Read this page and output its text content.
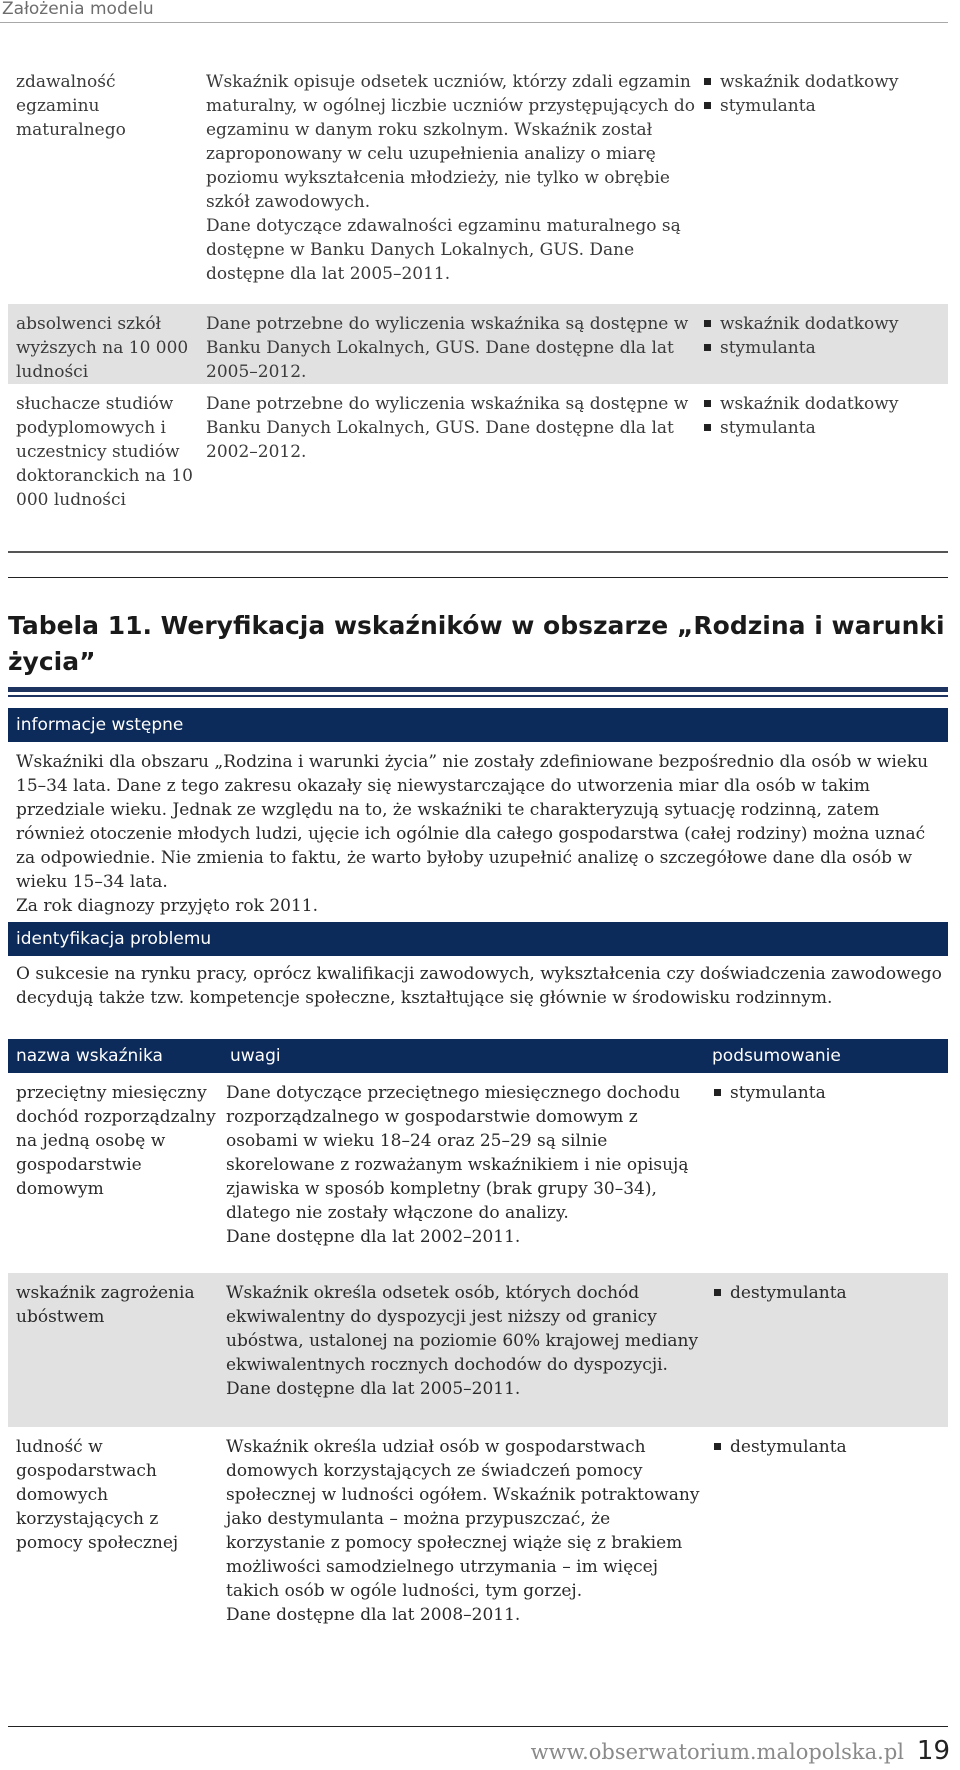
Założenia modelu
zdawalność egzaminu maturalnego
Wskaźnik opisuje odsetek uczniów, którzy zdali egzamin maturalny, w ogólnej liczbie uczniów przystępujących do egzaminu w danym roku szkolnym. Wskaźnik został zaproponowany w celu uzupełnienia analizy o miarę poziomu wykształcenia młodzieży, nie tylko w obrębie szkół zawodowych.
Dane dotyczące zdawalności egzaminu maturalnego są dostępne w Banku Danych Lokalnych, GUS. Dane dostępne dla lat 2005–2011.
wskaźnik dodatkowy
stymulanta
absolwenci szkół wyższych na 10 000 ludności
Dane potrzebne do wyliczenia wskaźnika są dostępne w Banku Danych Lokalnych, GUS. Dane dostępne dla lat 2005–2012.
wskaźnik dodatkowy
stymulanta
słuchacze studiów podyplomowych i uczestnicy studiów doktoranckich na 10 000 ludności
Dane potrzebne do wyliczenia wskaźnika są dostępne w Banku Danych Lokalnych, GUS. Dane dostępne dla lat 2002–2012.
wskaźnik dodatkowy
stymulanta
Tabela 11. Weryfikacja wskaźników w obszarze „Rodzina i warunki życia”
informacje wstępne

Wskaźniki dla obszaru „Rodzina i warunki życia” nie zostały zdefiniowane bezpośrednio dla osób w wieku 15–34 lata. Dane z tego zakresu okazały się niewystarczające do utworzenia miar dla osób w takim przedziale wieku. Jednak ze względu na to, że wskaźniki te charakteryzują sytuację rodzinną, zatem również otoczenie młodych ludzi, ujęcie ich ogólnie dla całego gospodarstwa (całej rodziny) można uznać za odpowiednie. Nie zmienia to faktu, że warto byłoby uzupełnić analizę o szczegółowe dane dla osób w wieku 15–34 lata.

Za rok diagnozy przyjęto rok 2011.

identyfikacja problemu

O sukcesie na rynku pracy, oprócz kwalifikacji zawodowych, wykształcenia czy doświadczenia zawodowego decydują także tzw. kompetencje społeczne, kształtujące się głównie w środowisku rodzinnym.

nazwa wskaźnika	uwagi	podsumowanie
przeciętny miesięczny dochód rozporządzalny na jedną osobę w gospodarstwie domowym
Dane dotyczące przeciętnego miesięcznego dochodu rozporządzalnego w gospodarstwie domowym z osobami w wieku 18–24 oraz 25–29 są silnie skorelowane z rozważanym wskaźnikiem i nie opisują zjawiska w sposób kompletny (brak grupy 30–34), dlatego nie zostały włączone do analizy.
Dane dostępne dla lat 2002–2011.
stymulanta
wskaźnik zagrożenia ubóstwem
Wskaźnik określa odsetek osób, których dochód ekwiwalentny do dyspozycji jest niższy od granicy ubóstwa, ustalonej na poziomie 60% krajowej mediany ekwiwalentnych rocznych dochodów do dyspozycji.
Dane dostępne dla lat 2005–2011.
destymulanta
ludność w gospodarstwach domowych korzystających z pomocy społecznej
Wskaźnik określa udział osób w gospodarstwach domowych korzystających ze świadczeń pomocy społecznej w ludności ogółem. Wskaźnik potraktowany jako destymulanta – można przypuszczać, że korzystanie z pomocy społecznej wiąże się z brakiem możliwości samodzielnego utrzymania – im więcej takich osób w ogóle ludności, tym gorzej.
Dane dostępne dla lat 2008–2011.
destymulanta
www.obserwatorium.malopolska.pl 19
